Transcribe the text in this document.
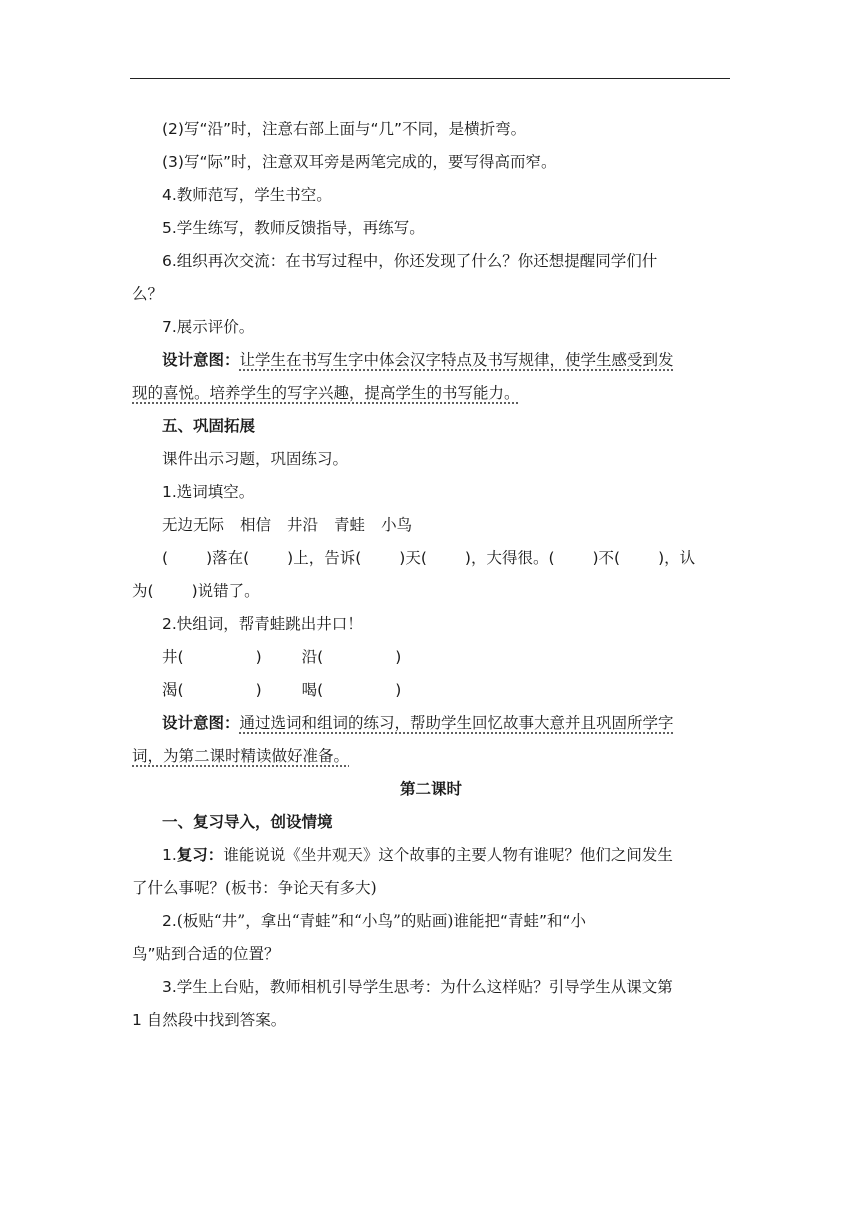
(2)写“沿”时，注意右部上面与“几”不同，是横折弯。

(3)写“际”时，注意双耳旁是两笔完成的，要写得高而窄。

4.教师范写，学生书空。

5.学生练写，教师反馈指导，再练写。

6.组织再次交流：在书写过程中，你还发现了什么？你还想提醒同学们什

么？

7.展示评价。

设计意图：让学生在书写生字中体会汉字特点及书写规律，使学生感受到发

现的喜悦。培养学生的写字兴趣，提高学生的书写能力。

五、巩固拓展

课件出示习题，巩固练习。

1.选词填空。

无边无际 相信 井沿 青蛙 小鸟

( )落在( )上，告诉( )天( )，大得很。( )不( )，认

为( )说错了。

2.快组词，帮青蛙跳出井口！

井(	)	沿(	)

渴(	)	喝(	)

设计意图：通过选词和组词的练习，帮助学生回忆故事大意并且巩固所学字

词，为第二课时精读做好准备。

第二课时

一、复习导入，创设情境

1.复习：谁能说说《坐井观天》这个故事的主要人物有谁呢？他们之间发生

了什么事呢？(板书：争论天有多大)

2.(板贴“井”，拿出“青蛙”和“小鸟”的贴画)谁能把“青蛙”和“小

鸟”贴到合适的位置？

3.学生上台贴，教师相机引导学生思考：为什么这样贴？引导学生从课文第

1 自然段中找到答案。
